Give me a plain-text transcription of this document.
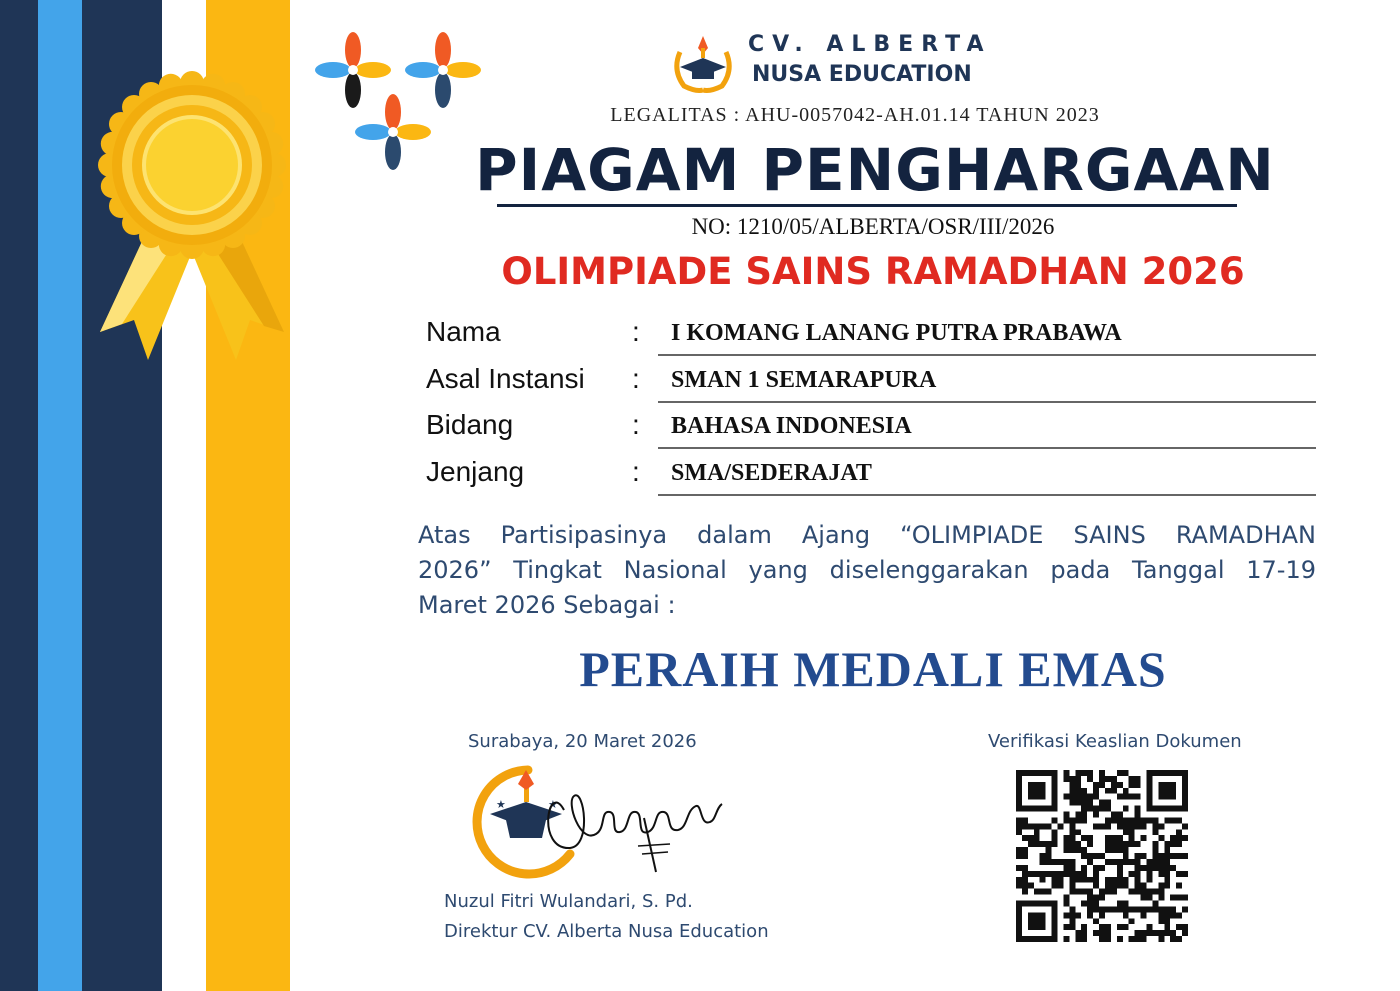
CV. ALBERTA
NUSA EDUCATION
LEGALITAS : AHU-0057042-AH.01.14 TAHUN 2023
PIAGAM PENGHARGAAN
NO: 1210/05/ALBERTA/OSR/III/2026
OLIMPIADE SAINS RAMADHAN 2026
Nama	: I KOMANG LANANG PUTRA PRABAWA
Asal Instansi : SMAN 1 SEMARAPURA
Bidang	: BAHASA INDONESIA
Jenjang	: SMA/SEDERAJAT
Atas Partisipasinya dalam Ajang “OLIMPIADE SAINS RAMADHAN
2026” Tingkat Nasional yang diselenggarakan pada Tanggal 17-19
Maret 2026 Sebagai :
PERAIH MEDALI EMAS
Surabaya, 20 Maret 2026
★	★
Nuzul Fitri Wulandari, S. Pd.
Direktur CV. Alberta Nusa Education
Verifikasi Keaslian Dokumen
